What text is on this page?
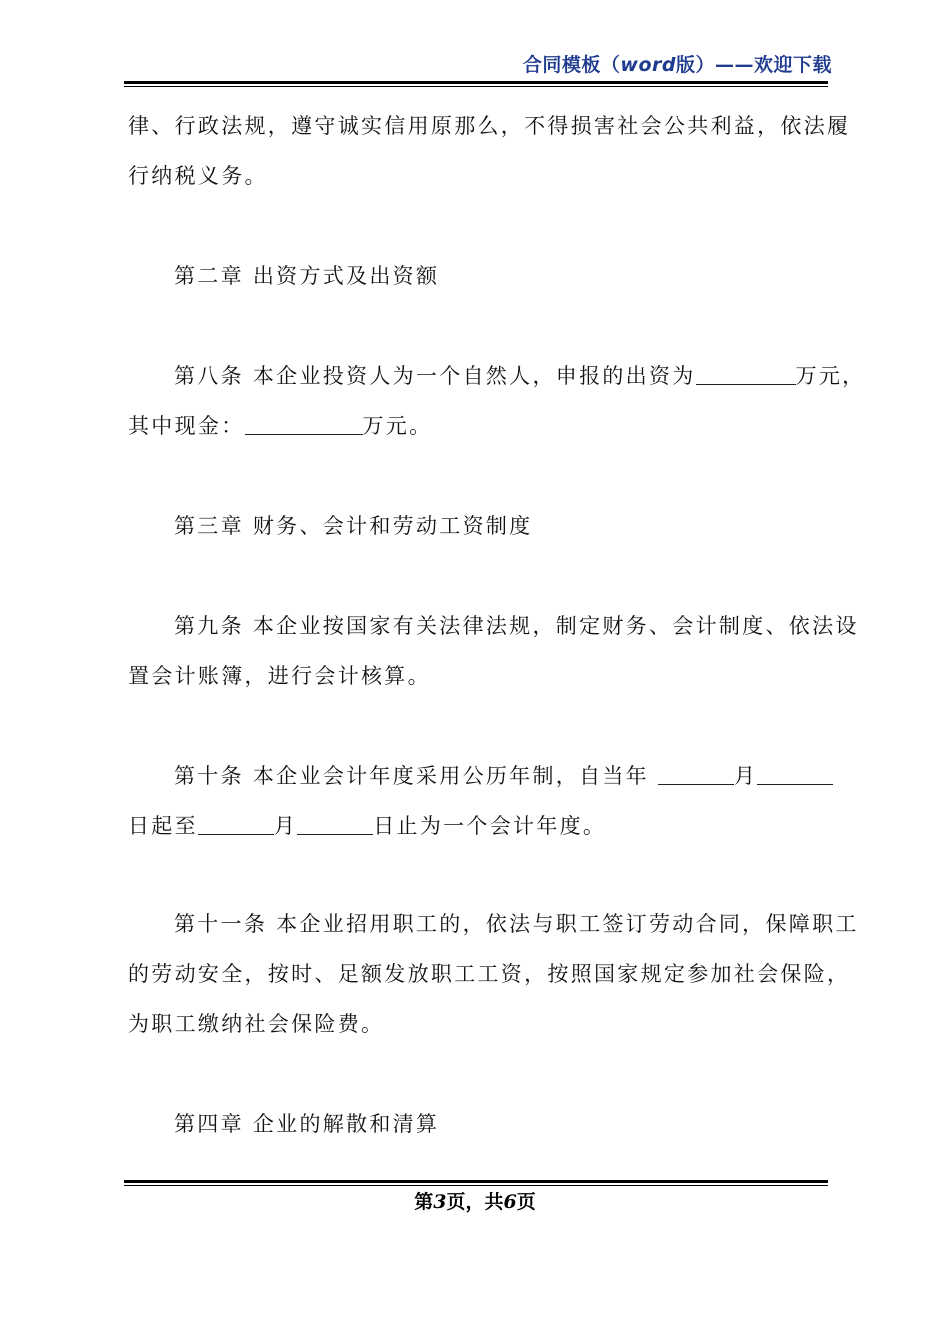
合同模板（word版）——欢迎下载
律、行政法规，遵守诚实信用原那么，不得损害社会公共利益，依法履
行纳税义务。
第二章 出资方式及出资额
第八条 本企业投资人为一个自然人，申报的出资为	万元，
其中现金：	万元。
第三章 财务、会计和劳动工资制度
第九条 本企业按国家有关法律法规，制定财务、会计制度、依法设
置会计账簿，进行会计核算。
第十条 本企业会计年度采用公历年制，自当年	月
日起至	月	日止为一个会计年度。
第十一条 本企业招用职工的，依法与职工签订劳动合同，保障职工
的劳动安全，按时、足额发放职工工资，按照国家规定参加社会保险，
为职工缴纳社会保险费。
第四章 企业的解散和清算
第3页，共6页
